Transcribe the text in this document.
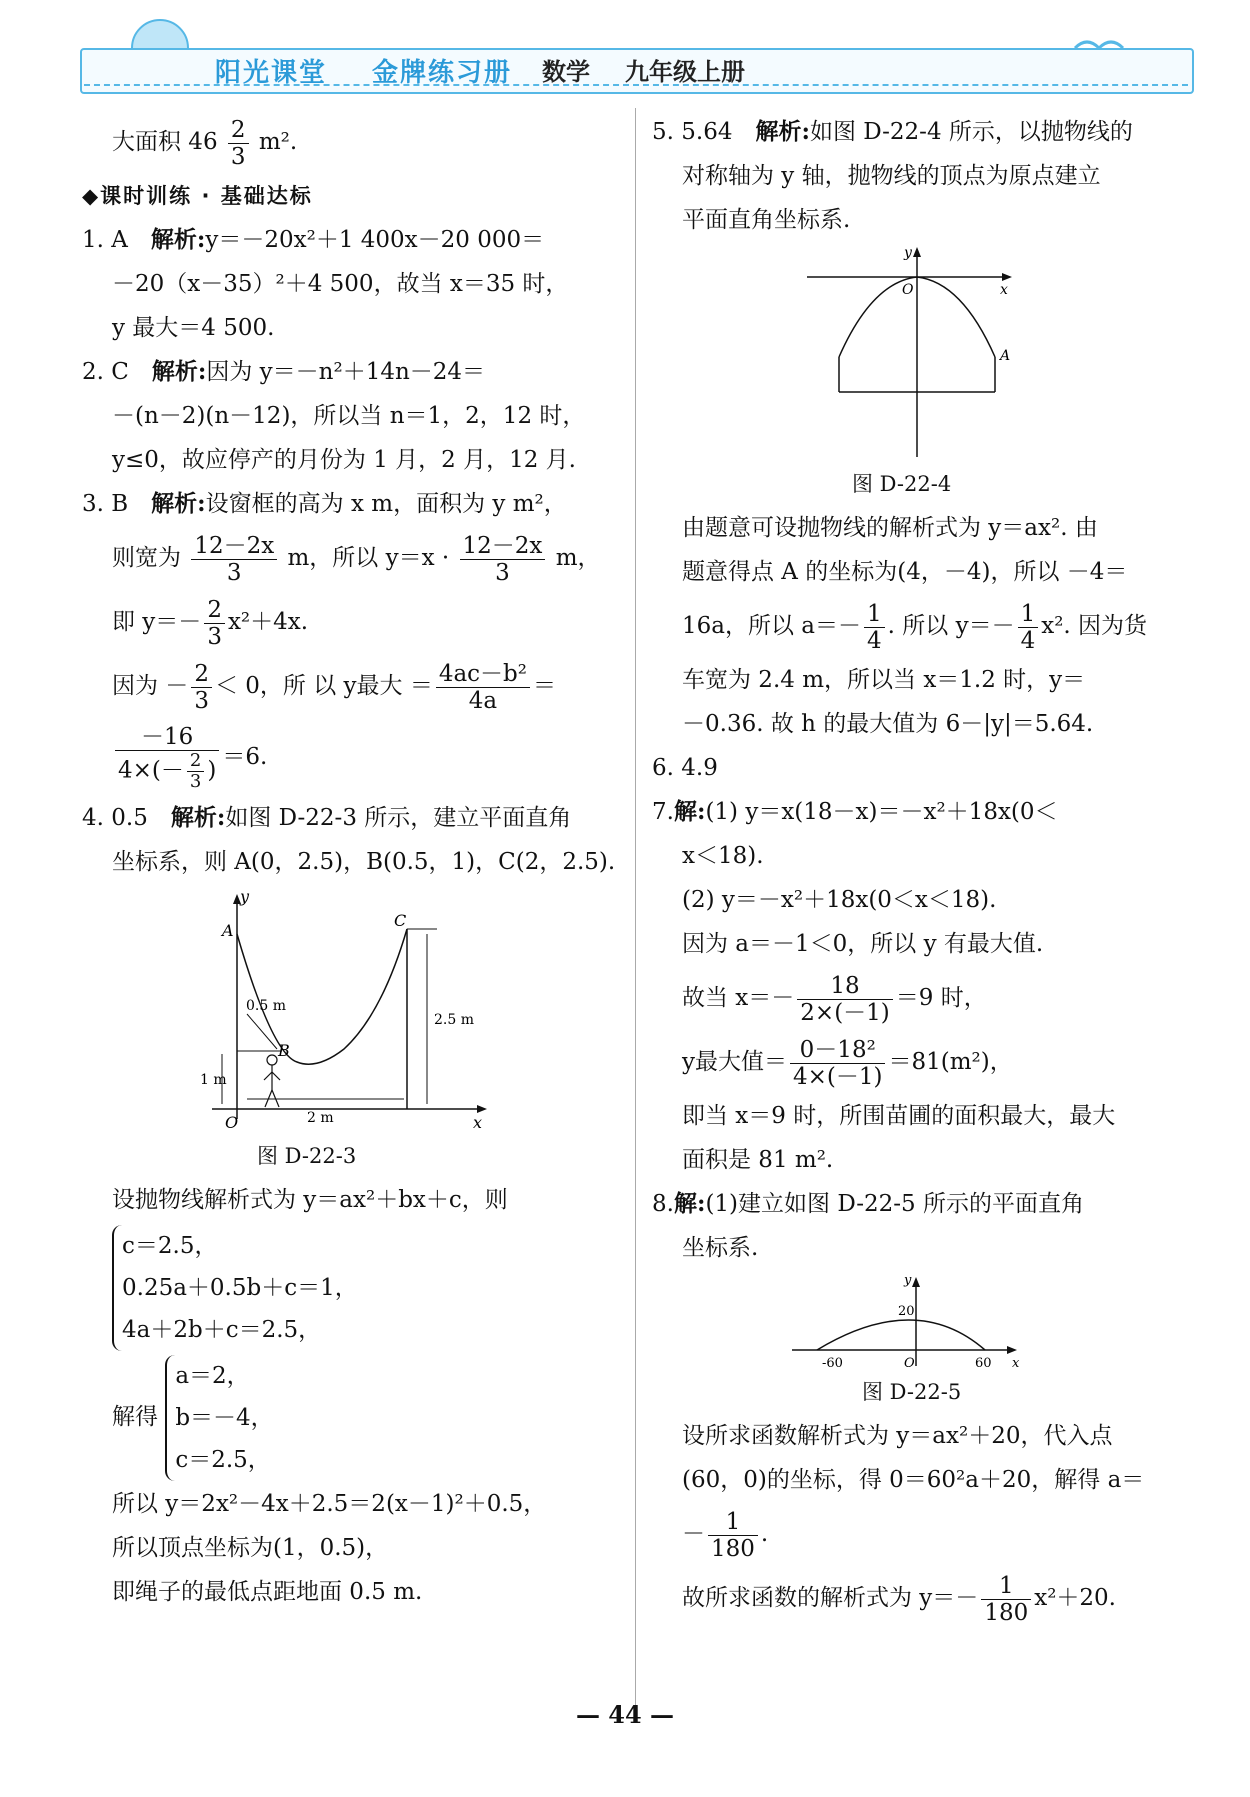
阳光课堂 金牌练习册 数学 九年级上册
大面积 $46 \frac{2}{3} m^2$.
◆课时训练 · 基础达标
1. A　 解析:y＝－20x²＋1 400x－20 000＝
－20（x－35）²＋4 500，故当 x＝35 时，
y 最大＝4 500.
2. C　 解析:因为 y＝－n²＋14n－24＝
－(n－2)(n－12)，所以当 n＝1，2，12 时，
y≤0，故应停产的月份为 1 月，2 月，12 月.
3. B　 解析:设窗框的高为 x m，面积为 y m²，
则宽为 $\frac{12-2x}{3}$ m，所以 $y=x \cdot \frac{12-2x}{3}$ m，
即 $y=- \frac{2}{3} x^2+4x$.
因为 － $\frac{2}{3} < 0$，所 以 y最大 ＝ $\frac{\text{4ac－b²}}{4a}$ ＝
$\frac{-16}{4\times(- \frac{2}{3} )} =6$.
4. 0.5　 解析:如图 D-22-3 所示，建立平面直角
坐标系，则 A(0，2.5)，B(0.5，1)，C(2，2.5).
y
x
O
A
B
C
0.5 m
1 m
2 m
2.5 m
图 D-22-3
设抛物线解析式为 y＝ax²＋bx＋c，则
c＝2.5，
0.25a＋0.5b＋c＝1，
4a＋2b＋c＝2.5，
解得
a＝2，
b＝－4，
c＝2.5，
所以 y＝2x²－4x＋2.5＝2(x－1)²＋0.5，
所以顶点坐标为(1，0.5)，
即绳子的最低点距地面 0.5 m.
5. 5.64　 解析:如图 D-22-4 所示，以抛物线的
对称轴为 y 轴，抛物线的顶点为原点建立
平面直角坐标系.
y
x
O
A
图 D-22-4
由题意可设抛物线的解析式为 y＝ax². 由
题意得点 A 的坐标为(4，－4)，所以 －4＝
16a，所以 $a=- \frac{1}{4}$ . 所以 $y=- \frac{1}{4} x^2$. 因为货
车宽为 2.4 m，所以当 x＝1.2 时，y＝
－0.36. 故 h 的最大值为 6－|y|＝5.64.
6. 4.9
7.解:(1) y＝x(18－x)＝－x²＋18x(0＜
x＜18).
(2) y＝－x²＋18x(0＜x＜18).
因为 a＝－1＜0，所以 y 有最大值.
故当 $x=- \frac{18}{2\times(-1)} =9$ 时，
y最大值＝ $\frac{\text{0－18²}}{4\times(-1)} =81(m^2)$，
即当 x＝9 时，所围苗圃的面积最大，最大
面积是 81 m².
8.解:(1)建立如图 D-22-5 所示的平面直角
坐标系.
y
x
O
20
-60	60
图 D-22-5
设所求函数解析式为 y＝ax²＋20，代入点
(60，0)的坐标，得 0＝60²a＋20，解得 a＝
－ $\frac{1}{180}$ .
故所求函数的解析式为 $y=- \frac{1}{180} x^2+20$.
— 44 —
